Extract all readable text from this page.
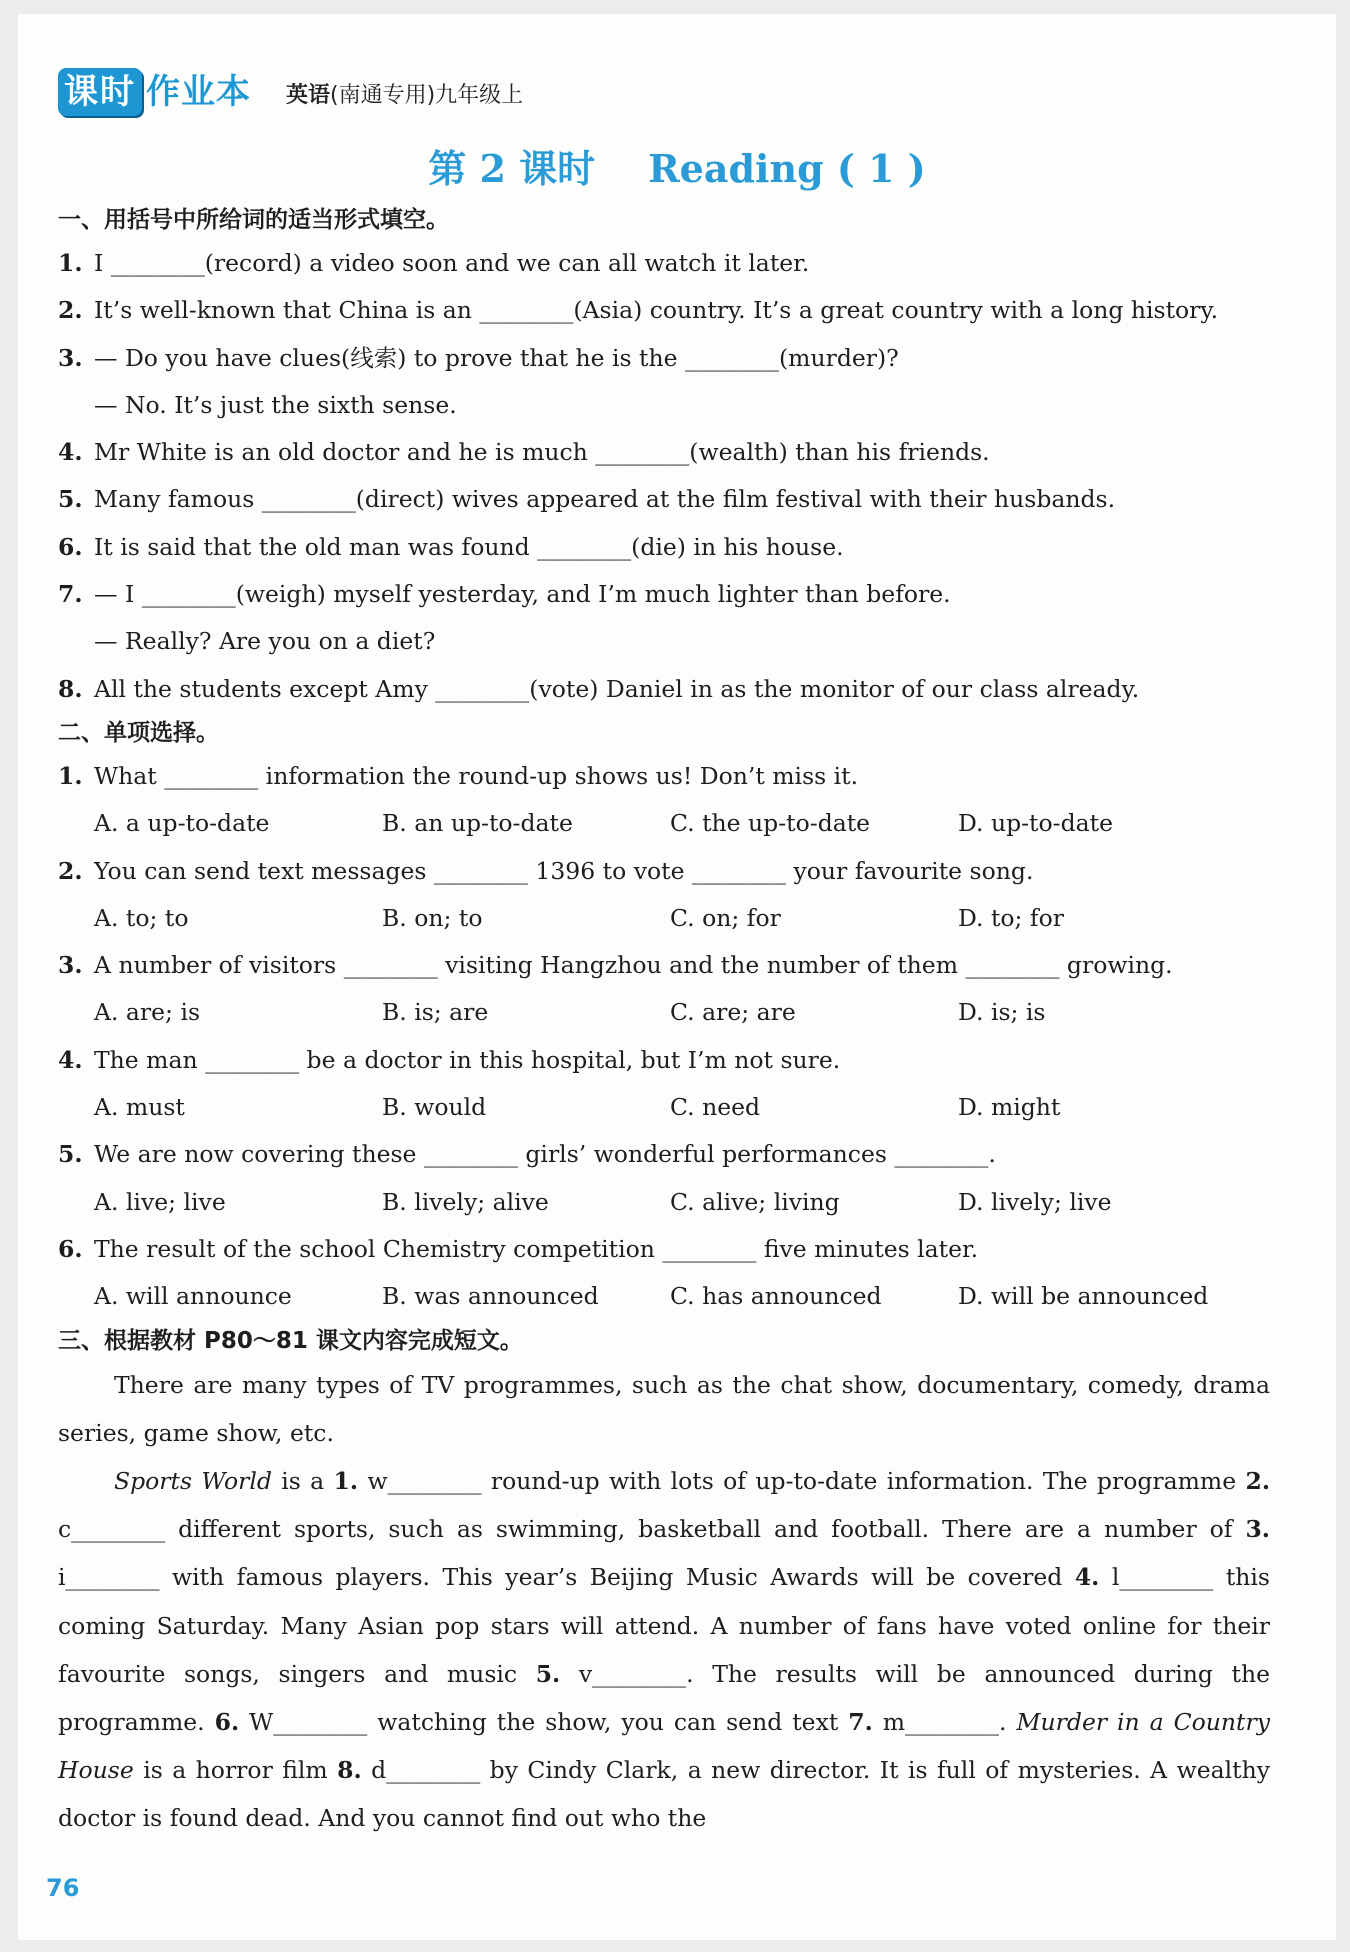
课时 作业本	英语(南通专用)九年级上
第 2 课时    Reading ( 1 )
一、用括号中所给词的适当形式填空。
1. I ________(record) a video soon and we can all watch it later.
2. It’s well-known that China is an ________(Asia) country. It’s a great country with a long history.
3. — Do you have clues(线索) to prove that he is the ________(murder)?
— No. It’s just the sixth sense.
4. Mr White is an old doctor and he is much ________(wealth) than his friends.
5. Many famous ________(direct) wives appeared at the film festival with their husbands.
6. It is said that the old man was found ________(die) in his house.
7. — I ________(weigh) myself yesterday, and I’m much lighter than before.
— Really? Are you on a diet?
8. All the students except Amy ________(vote) Daniel in as the monitor of our class already.
二、单项选择。
1. What ________ information the round-up shows us! Don’t miss it.
A. a up-to-date	B. an up-to-date	C. the up-to-date	D. up-to-date
2. You can send text messages ________ 1396 to vote ________ your favourite song.
A. to; to	B. on; to	C. on; for	D. to; for
3. A number of visitors ________ visiting Hangzhou and the number of them ________ growing.
A. are; is	B. is; are	C. are; are	D. is; is
4. The man ________ be a doctor in this hospital, but I’m not sure.
A. must	B. would	C. need	D. might
5. We are now covering these ________ girls’ wonderful performances ________.
A. live; live	B. lively; alive	C. alive; living	D. lively; live
6. The result of the school Chemistry competition ________ five minutes later.
A. will announce	B. was announced	C. has announced	D. will be announced
三、根据教材 P80～81 课文内容完成短文。

There are many types of TV programmes, such as the chat show, documentary, comedy, drama series, game show, etc.

Sports World is a 1. w________ round-up with lots of up-to-date information. The programme 2. c________ different sports, such as swimming, basketball and football. There are a number of 3. i________ with famous players. This year’s Beijing Music Awards will be covered 4. l________ this coming Saturday. Many Asian pop stars will attend. A number of fans have voted online for their favourite songs, singers and music 5. v________. The results will be announced during the programme. 6. W________ watching the show, you can send text 7. m________. Murder in a Country House is a horror film 8. d________ by Cindy Clark, a new director. It is full of mysteries. A wealthy doctor is found dead. And you cannot find out who the

76
